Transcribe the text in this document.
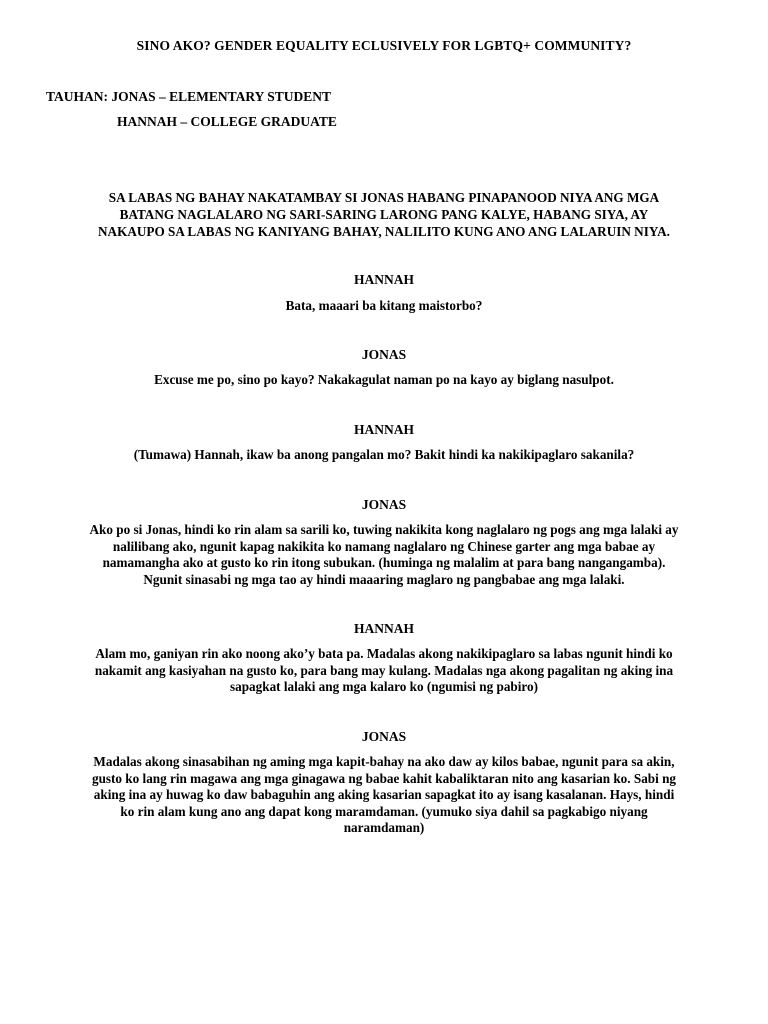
SINO AKO? GENDER EQUALITY ECLUSIVELY FOR LGBTQ+ COMMUNITY?
TAUHAN: JONAS – ELEMENTARY STUDENT
HANNAH – COLLEGE GRADUATE
SA LABAS NG BAHAY NAKATAMBAY SI JONAS HABANG PINAPANOOD NIYA ANG MGA
BATANG NAGLALARO NG SARI-SARING LARONG PANG KALYE, HABANG SIYA, AY
NAKAUPO SA LABAS NG KANIYANG BAHAY, NALILITO KUNG ANO ANG LALARUIN NIYA.
HANNAH
Bata, maaari ba kitang maistorbo?
JONAS
Excuse me po, sino po kayo? Nakakagulat naman po na kayo ay biglang nasulpot.
HANNAH
(Tumawa) Hannah, ikaw ba anong pangalan mo? Bakit hindi ka nakikipaglaro sakanila?
JONAS
Ako po si Jonas, hindi ko rin alam sa sarili ko, tuwing nakikita kong naglalaro ng pogs ang mga lalaki ay
nalilibang ako, ngunit kapag nakikita ko namang naglalaro ng Chinese garter ang mga babae ay
namamangha ako at gusto ko rin itong subukan. (huminga ng malalim at para bang nangangamba).
Ngunit sinasabi ng mga tao ay hindi maaaring maglaro ng pangbabae ang mga lalaki.
HANNAH
Alam mo, ganiyan rin ako noong ako’y bata pa. Madalas akong nakikipaglaro sa labas ngunit hindi ko
nakamit ang kasiyahan na gusto ko, para bang may kulang. Madalas nga akong pagalitan ng aking ina
sapagkat lalaki ang mga kalaro ko (ngumisi ng pabiro)
JONAS
Madalas akong sinasabihan ng aming mga kapit-bahay na ako daw ay kilos babae, ngunit para sa akin,
gusto ko lang rin magawa ang mga ginagawa ng babae kahit kabaliktaran nito ang kasarian ko. Sabi ng
aking ina ay huwag ko daw babaguhin ang aking kasarian sapagkat ito ay isang kasalanan. Hays, hindi
ko rin alam kung ano ang dapat kong maramdaman. (yumuko siya dahil sa pagkabigo niyang
naramdaman)
